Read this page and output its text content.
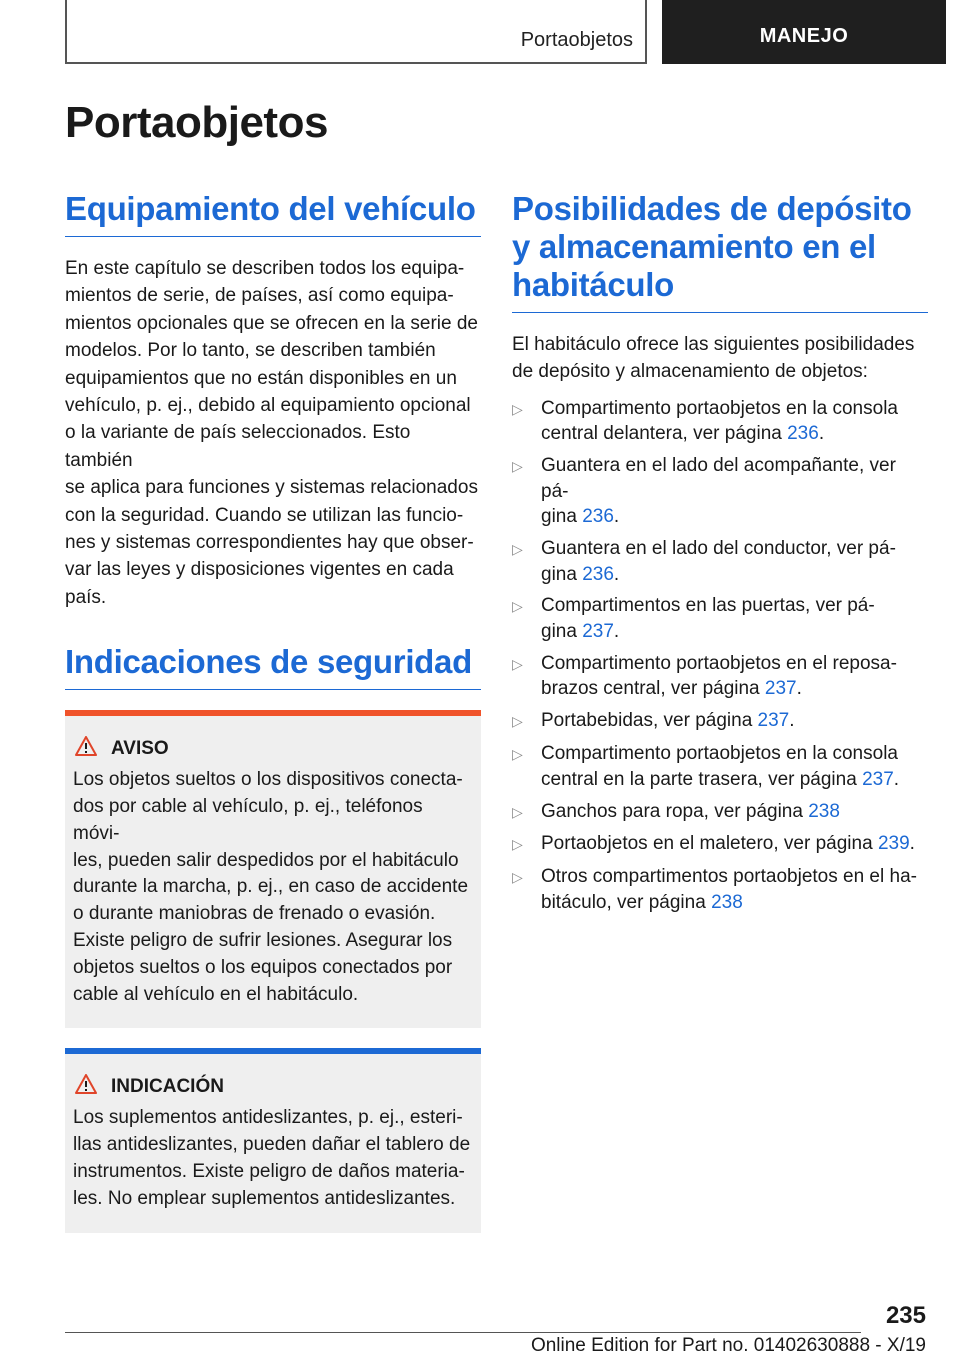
Portaobjetos	MANEJO
Portaobjetos
Equipamiento del vehículo

En este capítulo se describen todos los equipa-
mientos de serie, de países, así como equipa-
mientos opcionales que se ofrecen en la serie de
modelos. Por lo tanto, se describen también
equipamientos que no están disponibles en un
vehículo, p. ej., debido al equipamiento opcional
o la variante de país seleccionados. Esto también
se aplica para funciones y sistemas relacionados
con la seguridad. Cuando se utilizan las funcio-
nes y sistemas correspondientes hay que obser-
var las leyes y disposiciones vigentes en cada
país.

Indicaciones de seguridad
AVISO

Los objetos sueltos o los dispositivos conecta-
dos por cable al vehículo, p. ej., teléfonos móvi-
les, pueden salir despedidos por el habitáculo
durante la marcha, p. ej., en caso de accidente
o durante maniobras de frenado o evasión.
Existe peligro de sufrir lesiones. Asegurar los
objetos sueltos o los equipos conectados por
cable al vehículo en el habitáculo.

INDICACIÓN

Los suplementos antideslizantes, p. ej., esteri-
llas antideslizantes, pueden dañar el tablero de
instrumentos. Existe peligro de daños materia-
les. No emplear suplementos antideslizantes.

Posibilidades de depósito y almacenamiento en el habitáculo

El habitáculo ofrece las siguientes posibilidades
de depósito y almacenamiento de objetos:

▷ Compartimento portaobjetos en la consola
central delantera, ver página 236.
▷ Guantera en el lado del acompañante, ver pá-
gina 236.
▷ Guantera en el lado del conductor, ver pá-
gina 236.
▷ Compartimentos en las puertas, ver pá-
gina 237.
▷ Compartimento portaobjetos en el reposa-
brazos central, ver página 237.
▷ Portabebidas, ver página 237.
▷ Compartimento portaobjetos en la consola
central en la parte trasera, ver página 237.
▷ Ganchos para ropa, ver página 238
▷ Portaobjetos en el maletero, ver página 239.
▷ Otros compartimentos portaobjetos en el ha-
bitáculo, ver página 238
235
Online Edition for Part no. 01402630888 - X/19
